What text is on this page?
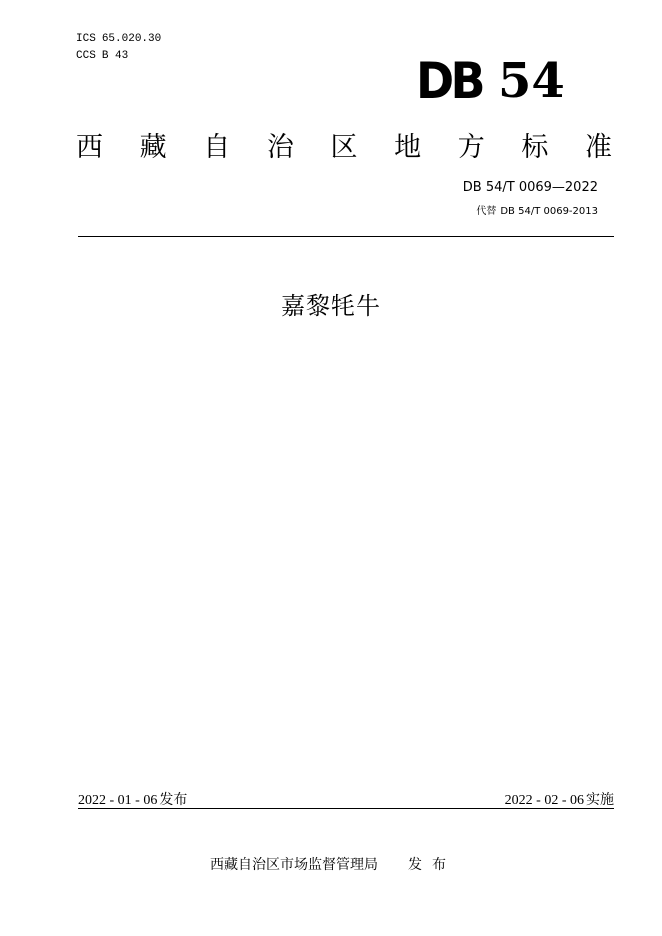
ICS 65.020.30
CCS B 43	DB 54
西 藏 自 治 区 地 方 标 准
DB 54/T 0069—2022
代替 DB 54/T 0069-2013
嘉黎牦牛
2022 - 01 - 06 发布	2022 - 02 - 06 实施
西藏自治区市场监督管理局 发布
